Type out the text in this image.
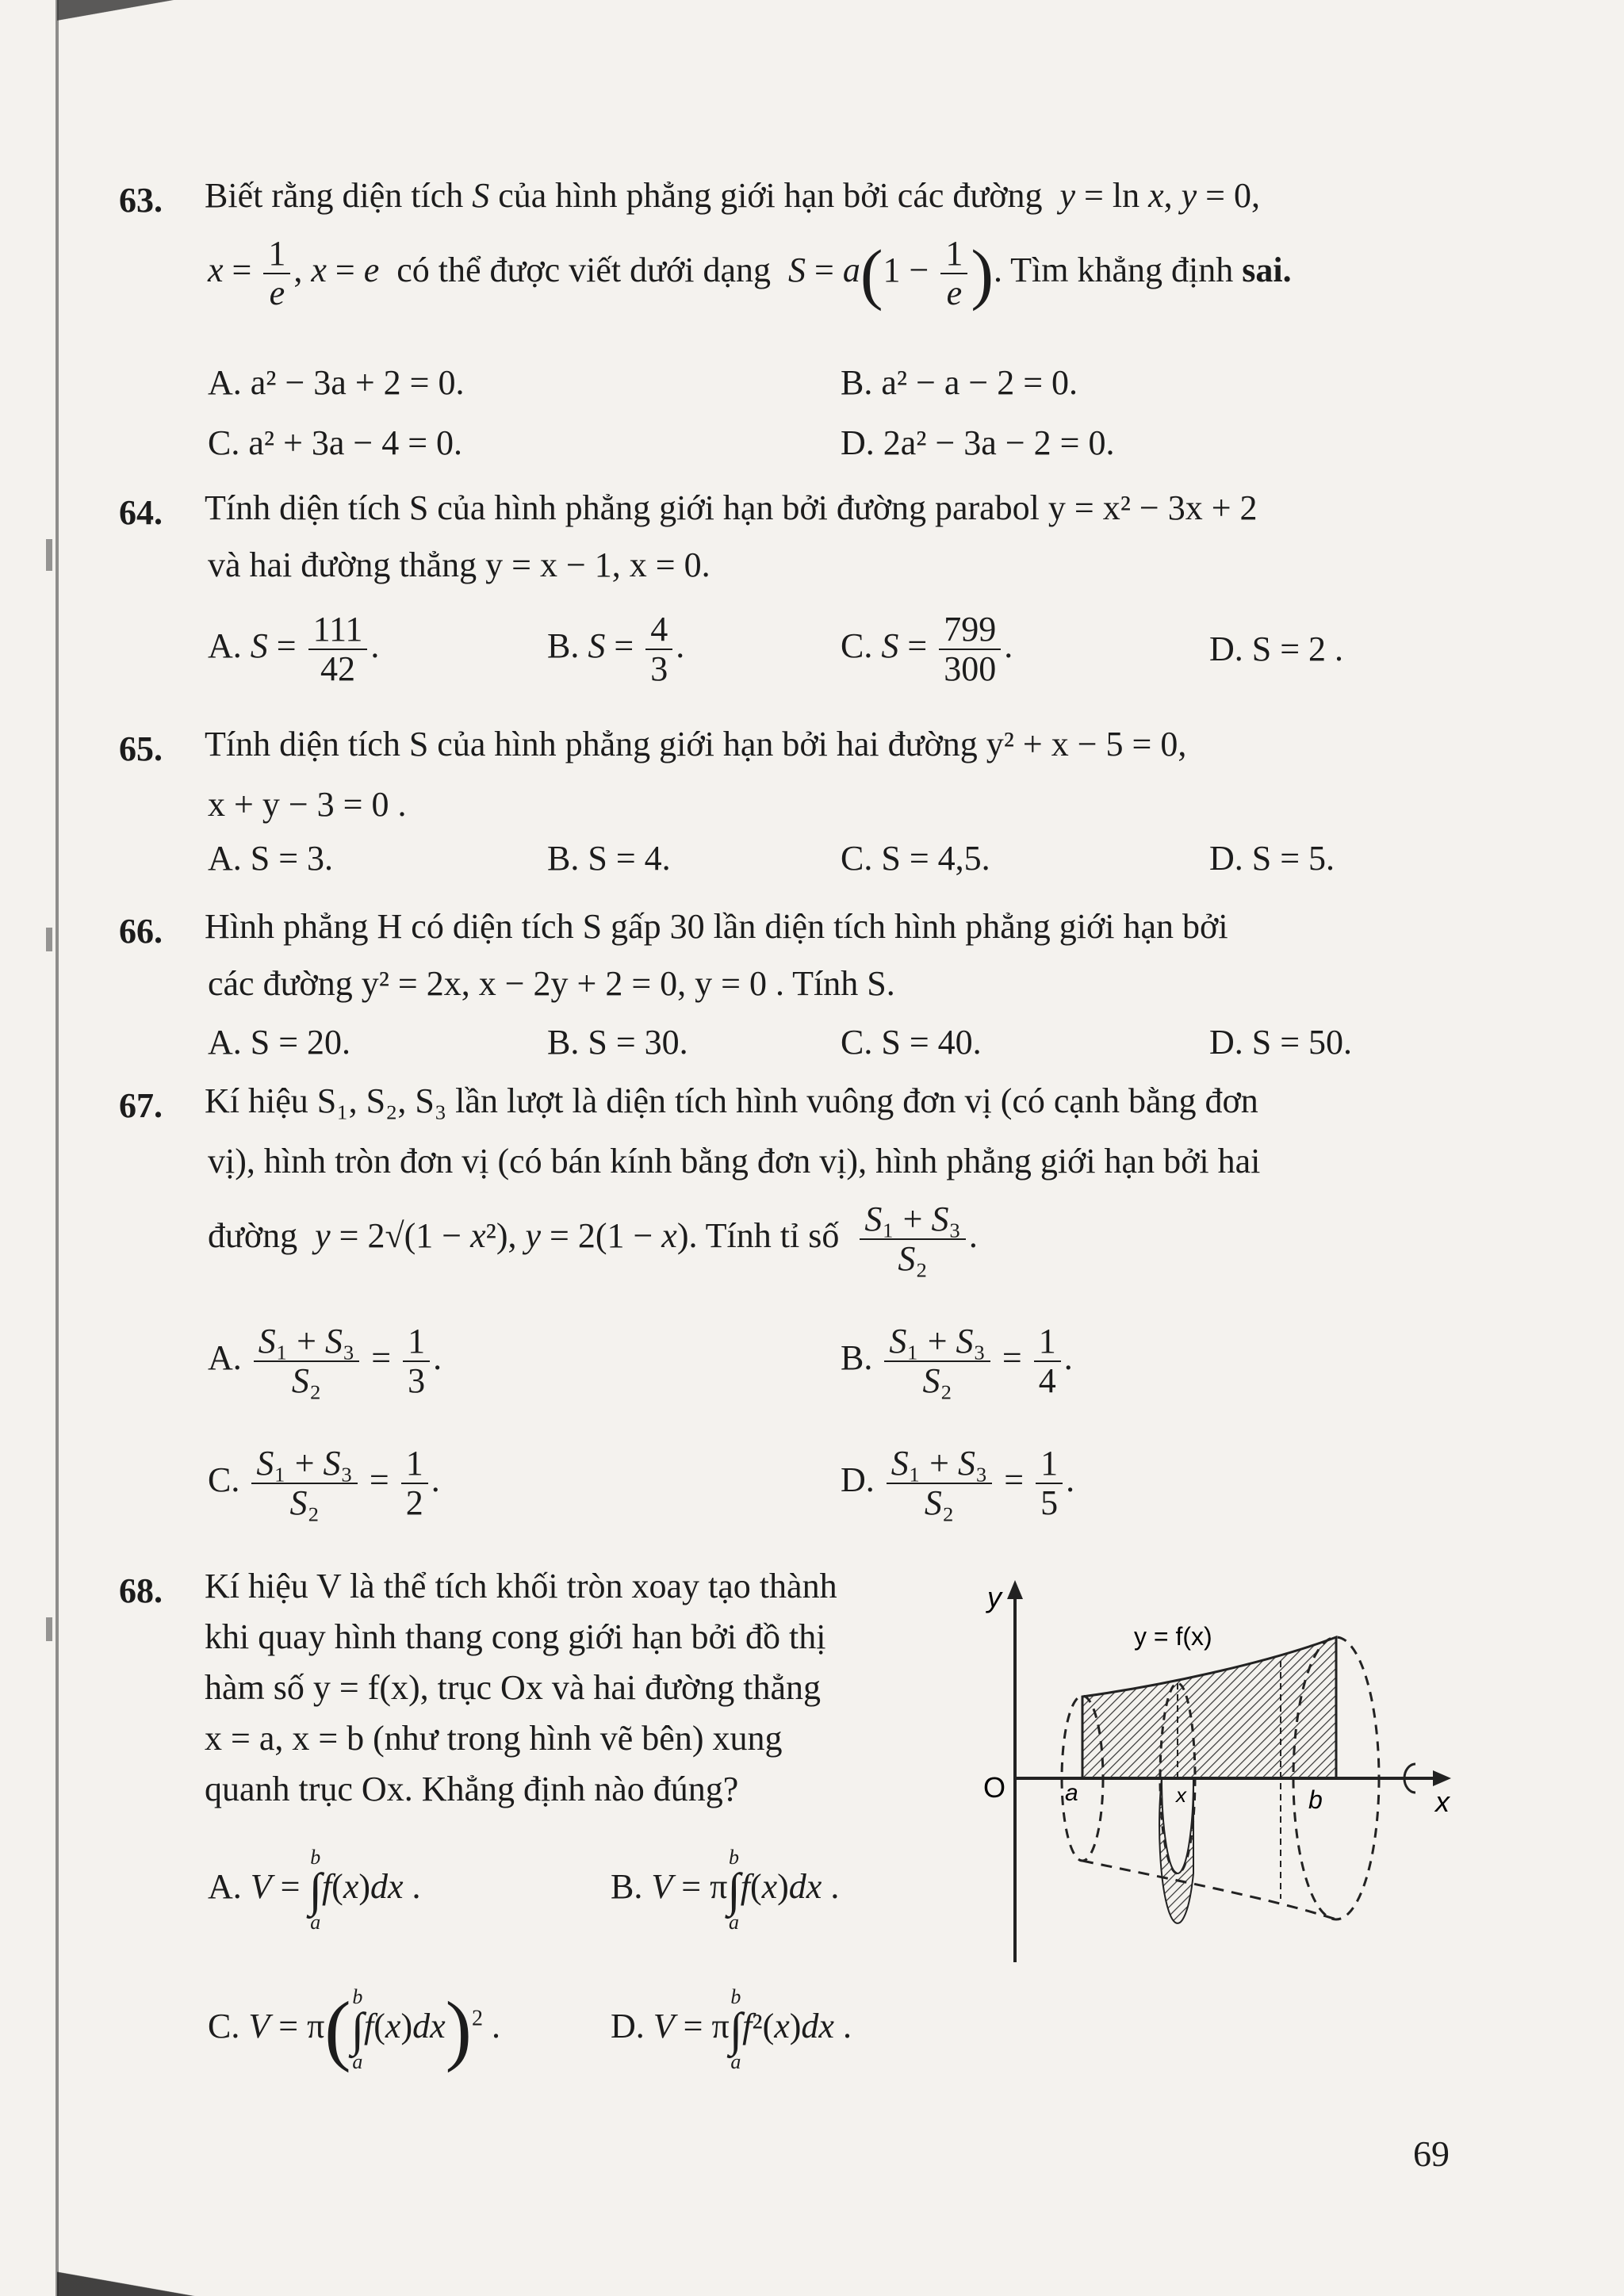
63. Biết rằng diện tích S của hình phẳng giới hạn bởi các đường  y = ln x, y = 0,
$x = \frac{1}{e}$ , x = e  có thể được viết dưới dạng  $S = a(1 - \frac{1}{e}$ ). Tìm khẳng định sai.
A. a² − 3a + 2 = 0.	B. a² − a − 2 = 0.
C. a² + 3a − 4 = 0.	D. 2a² − 3a − 2 = 0.
64. Tính diện tích S của hình phẳng giới hạn bởi đường parabol y = x² − 3x + 2
và hai đường thẳng y = x − 1, x = 0.
A. $S = \frac{111}{42}$ .	B. $S = \frac{4}{3}$ .	C. $S = \frac{799}{300}$ .	D. S = 2 .
65. Tính diện tích S của hình phẳng giới hạn bởi hai đường y² + x − 5 = 0,
x + y − 3 = 0 .
A. S = 3.	B. S = 4.	C. S = 4,5.	D. S = 5.
66. Hình phẳng H có diện tích S gấp 30 lần diện tích hình phẳng giới hạn bởi
các đường y² = 2x, x − 2y + 2 = 0, y = 0 . Tính S.
A. S = 20.	B. S = 30.	C. S = 40.	D. S = 50.
67. Kí hiệu S₁, S₂, S₃ lần lượt là diện tích hình vuông đơn vị (có cạnh bằng đơn
vị), hình tròn đơn vị (có bán kính bằng đơn vị), hình phẳng giới hạn bởi hai
đường  y = 2√(1 − x²), y = 2(1 − x). Tính tỉ số $\frac{\text{S₁ + S₃}}{\text{S₂}}$ .
A. $\frac{\text{S₁ + S₃}}{\text{S₂}} = \frac{1}{3}$ .	B. $\frac{\text{S₁ + S₃}}{\text{S₂}} = \frac{1}{4}$ .
C. $\frac{\text{S₁ + S₃}}{\text{S₂}} = \frac{1}{2}$ .	D. $\frac{\text{S₁ + S₃}}{\text{S₂}} = \frac{1}{5}$ .
68. Kí hiệu V là thể tích khối tròn xoay tạo thành
khi quay hình thang cong giới hạn bởi đồ thị
hàm số y = f(x), trục Ox và hai đường thẳng
x = a, x = b (như trong hình vẽ bên) xung
quanh trục Ox. Khẳng định nào đúng?
A. V =
b
∫
a
f(x)dx .	B. V = π
b
∫
a
f(x)dx .
C. V = π( b
∫
a
f(x)dx)$^2$ .	D. V = π
b
∫
a
f²(x)dx .
y
x
O
y = f(x)
a	b
x
69
